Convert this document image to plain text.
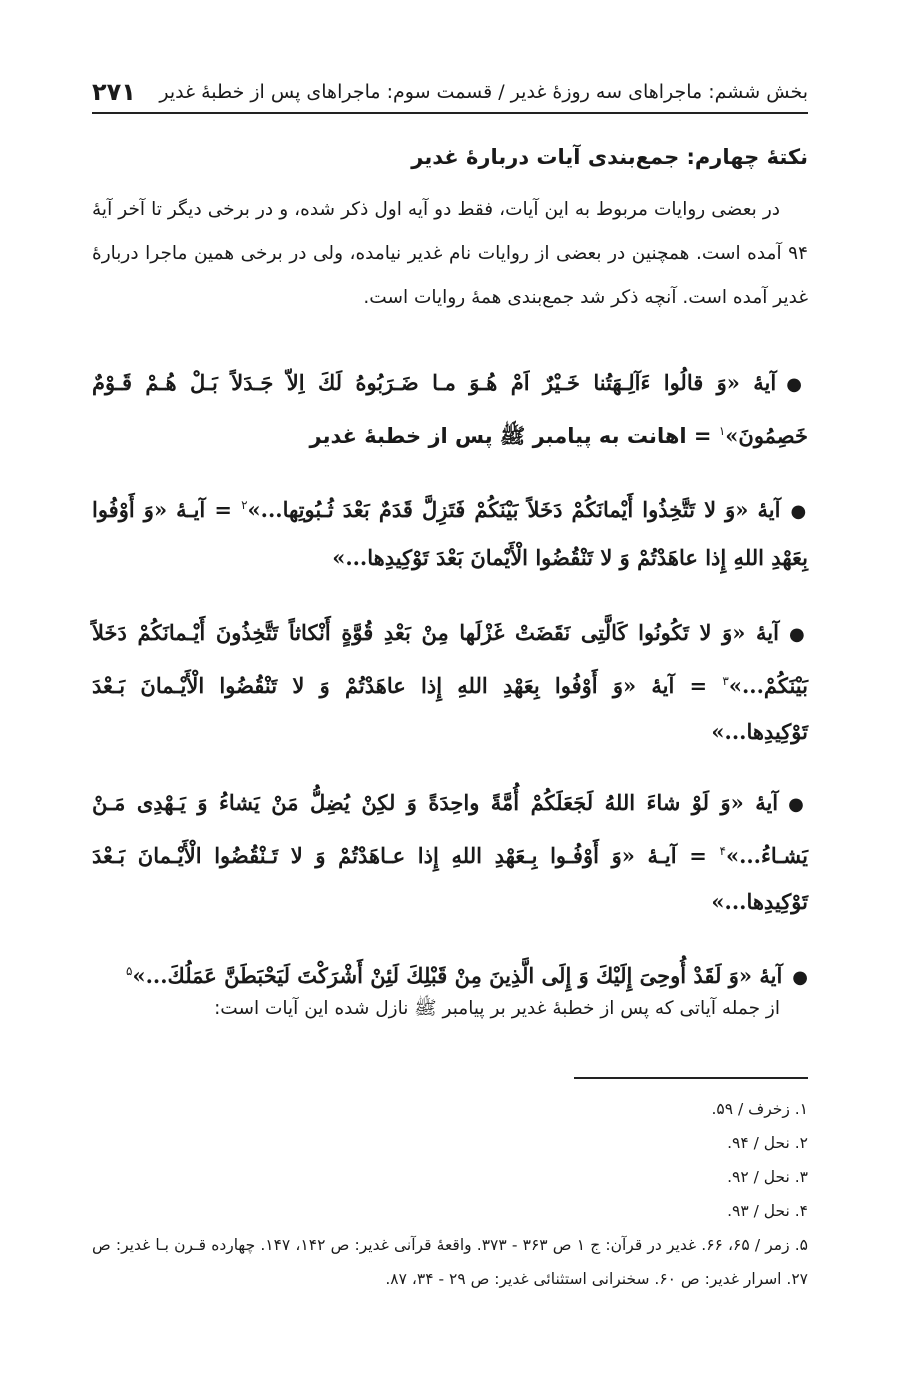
بخش ششم: ماجراهای سه روزهٔ غدیر / قسمت سوم: ماجراهای پس از خطبهٔ غدیر
۲۷۱
نکتهٔ چهارم: جمع‌بندی آیات دربارهٔ غدیر
در بعضی روایات مربوط به این آیات، فقط دو آیه اول ذکر شده، و در برخی دیگر تا آخر آیهٔ ۹۴ آمده است. همچنین در بعضی از روایات نام غدیر نیامده، ولی در برخی همین ماجرا دربارهٔ غدیر آمده است. آنچه ذکر شد جمع‌بندی همهٔ روایات است.
●آیهٔ «وَ قالُوا ءَآلِـهَتُنا خَـيْرٌ اَمْ هُـوَ مـا ضَـرَبُوهُ لَكَ اِلاّ جَـدَلاً بَـلْ هُـمْ قَـوْمٌ خَصِمُونَ»$^۱$ = اهانت به پیامبر ﷺ پس از خطبهٔ غدیر
●آیهٔ «وَ لا تَتَّخِذُوا أَيْمانَكُمْ دَخَلاً بَيْنَكُمْ فَتَزِلَّ قَدَمٌ بَعْدَ ثُـبُوتِها...»$^۲$ = آیـهٔ «وَ أَوْفُوا بِعَهْدِ اللهِ إِذا عاهَدْتُمْ وَ لا تَنْقُضُوا الْأَيْمانَ بَعْدَ تَوْكِيدِها...»
●آیهٔ «وَ لا تَكُونُوا كَالَّتِى نَقَضَتْ غَزْلَها مِنْ بَعْدِ قُوَّةٍ أَنْكاثاً تَتَّخِذُونَ أَيْـمانَكُمْ دَخَلاً بَيْنَكُمْ...»$^۳$ = آیهٔ «وَ أَوْفُوا بِعَهْدِ اللهِ إِذا عاهَدْتُمْ وَ لا تَنْقُضُوا الْأَيْـمانَ بَـعْدَ تَوْكِيدِها...»
●آیهٔ «وَ لَوْ شاءَ اللهُ لَجَعَلَكُمْ أُمَّةً واحِدَةً وَ لكِنْ يُضِلُّ مَنْ يَشاءُ وَ يَـهْدِى مَـنْ يَشـاءُ...»$^۴$ = آیـهٔ «وَ أَوْفُـوا بِـعَهْدِ اللهِ إِذا عـاهَدْتُمْ وَ لا تَـنْقُضُوا الْأَيْـمانَ بَـعْدَ تَوْكِيدِها...»
●آیهٔ «وَ لَقَدْ أُوحِىَ إِلَيْكَ وَ إِلَى الَّذِينَ مِنْ قَبْلِكَ لَئِنْ أَشْرَكْتَ لَيَحْبَطَنَّ عَمَلُكَ...»$^۵$
از جمله آیاتی که پس از خطبهٔ غدیر بر پیامبر ﷺ نازل شده این آیات است:
۱. زخرف / ۵۹.
۲. نحل / ۹۴.
۳. نحل / ۹۲.
۴. نحل / ۹۳.
۵. زمر / ۶۵، ۶۶. غدیر در قرآن: ج ۱ ص ۳۶۳ - ۳۷۳. واقعهٔ قرآنی غدیر: ص ۱۴۲، ۱۴۷. چهارده قـرن بـا غدیر: ص ۲۷. اسرار غدیر: ص ۶۰. سخنرانی استثنائی غدیر: ص ۲۹ - ۳۴، ۸۷.
